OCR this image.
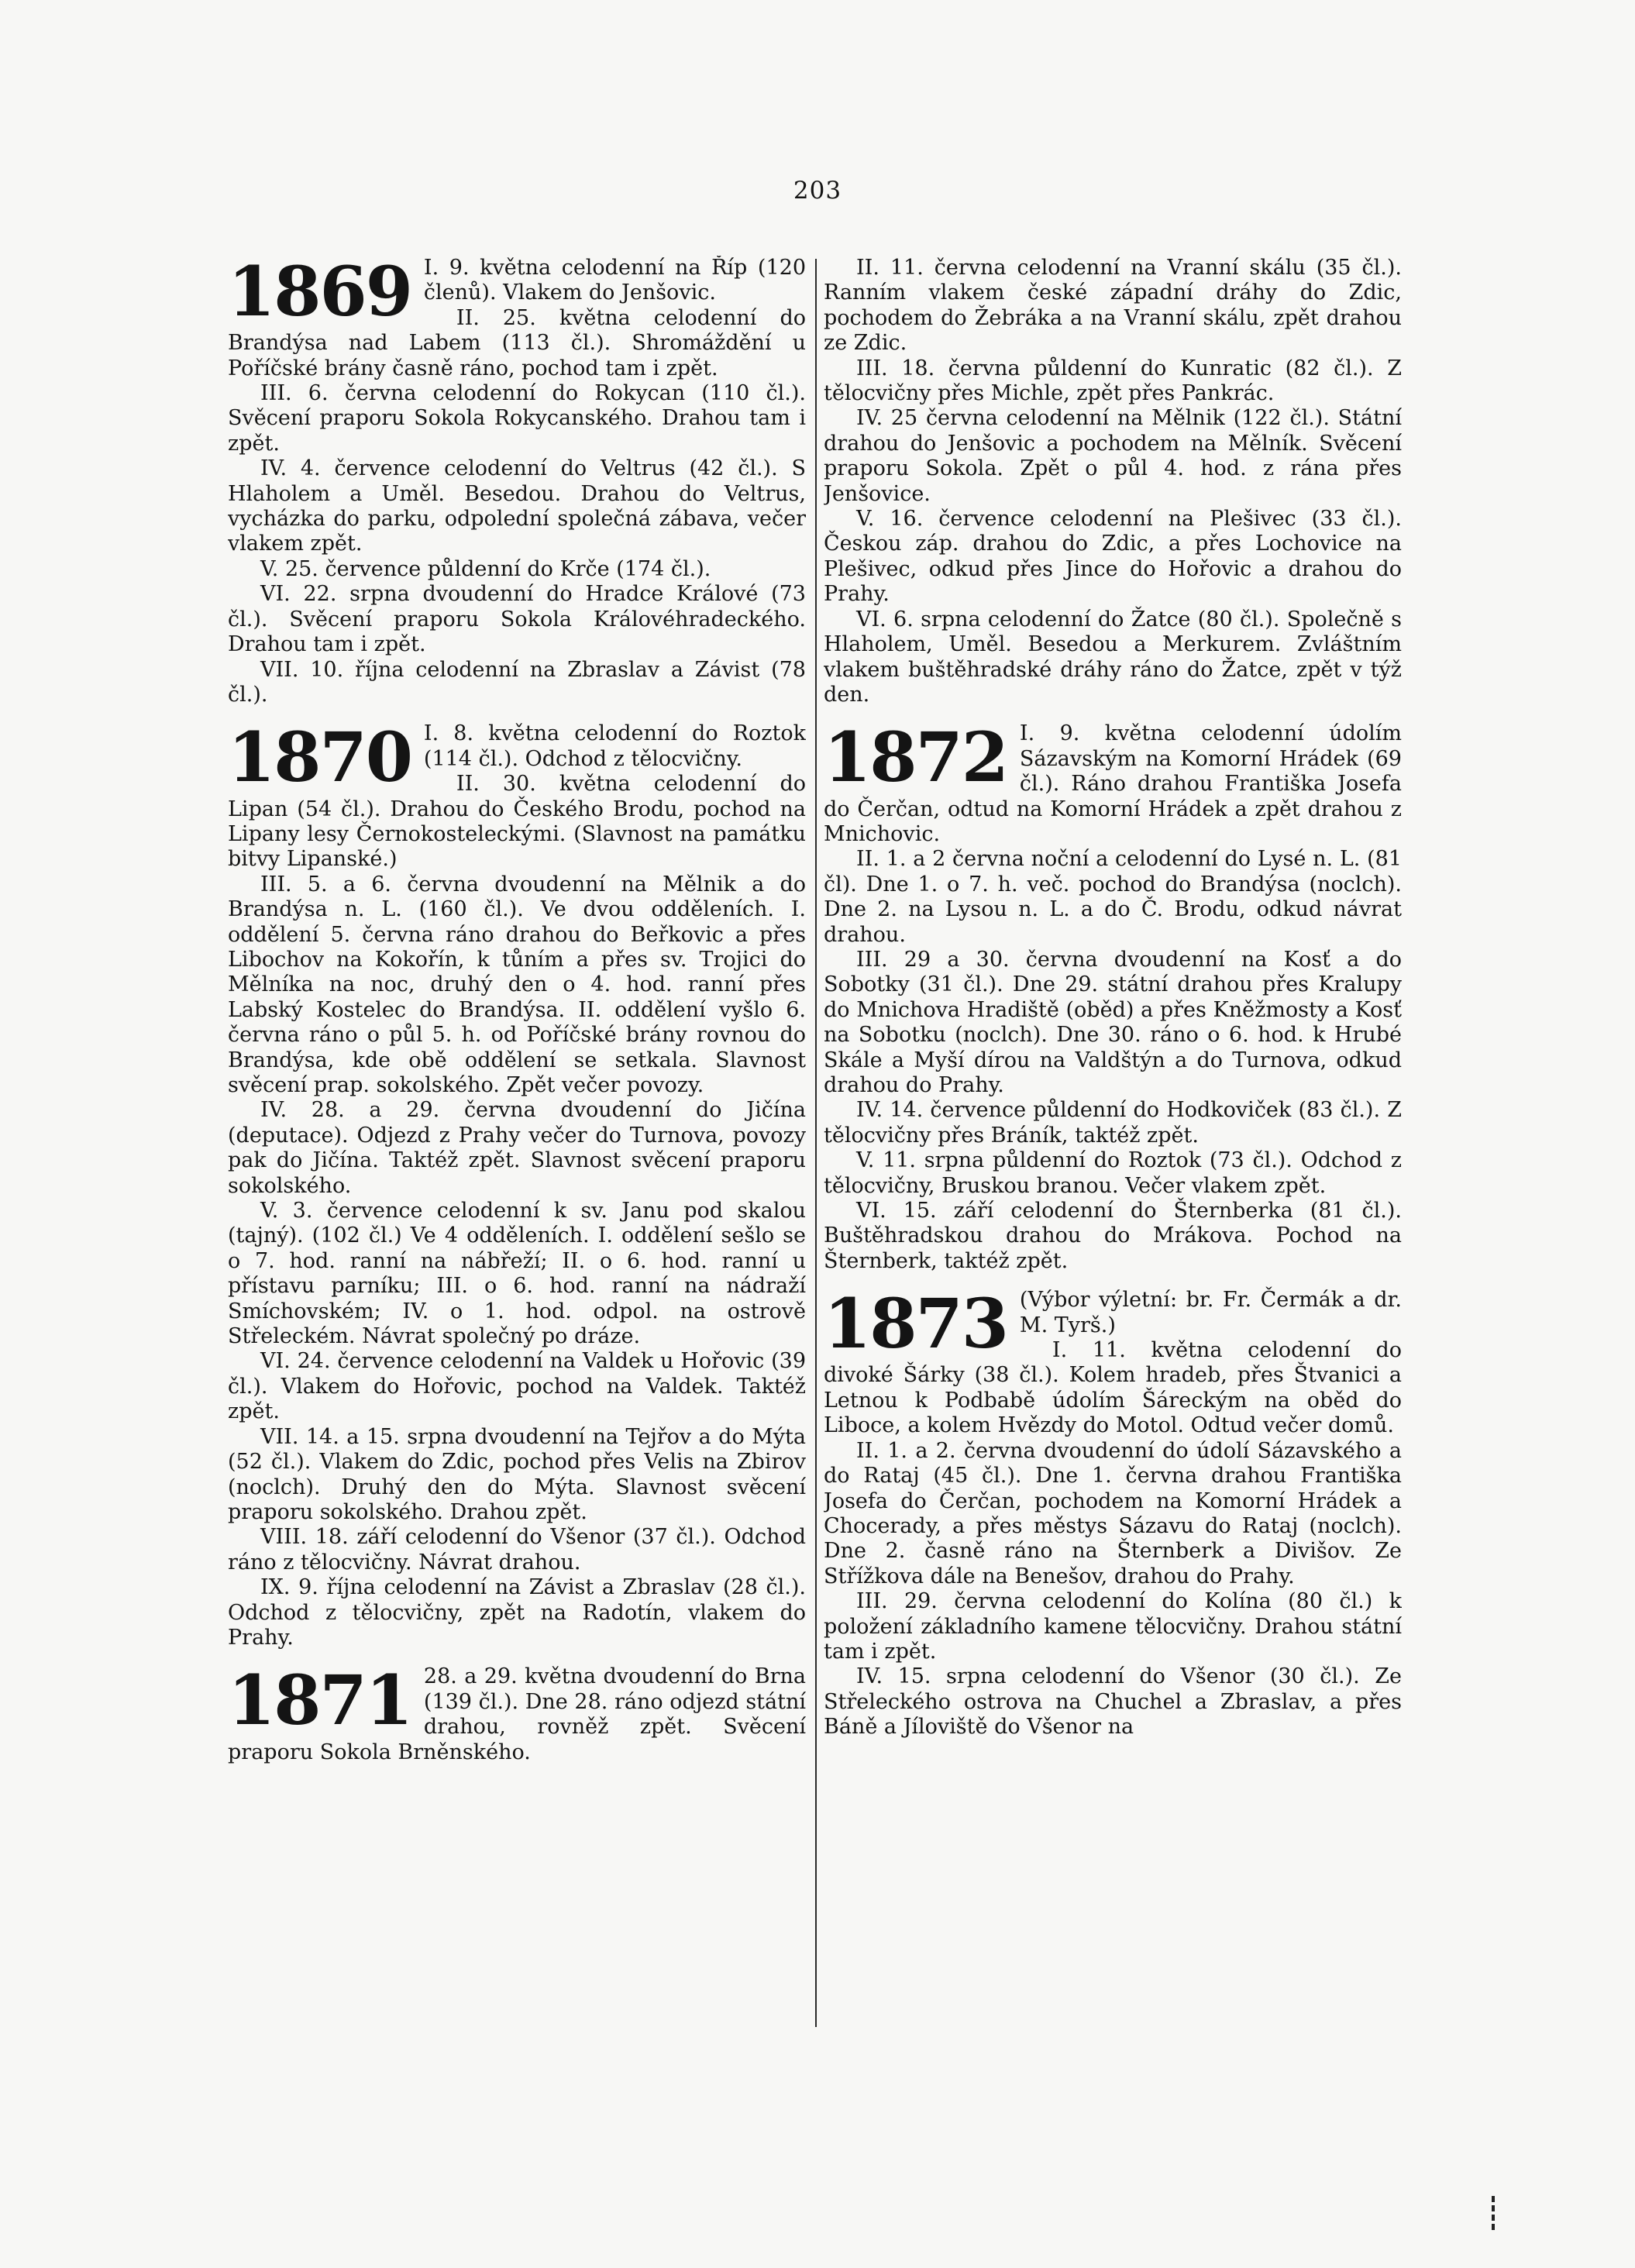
203
1869 I. 9. května celodenní na Říp (120 členů). Vlakem do Jenšovic.

II. 25. května celodenní do Brandýsa nad Labem (113 čl.). Shromáždění u Poříčské brány časně ráno, pochod tam i zpět.

III. 6. června celodenní do Rokycan (110 čl.). Svěcení praporu Sokola Rokycanského. Drahou tam i zpět.

IV. 4. července celodenní do Veltrus (42 čl.). S Hlaholem a Uměl. Besedou. Drahou do Veltrus, vycházka do parku, odpolední společná zábava, večer vlakem zpět.

V. 25. července půldenní do Krče (174 čl.).

VI. 22. srpna dvoudenní do Hradce Králové (73 čl.). Svěcení praporu Sokola Královéhradeckého. Drahou tam i zpět.

VII. 10. října celodenní na Zbraslav a Závist (78 čl.).

1870 I. 8. května celodenní do Roztok (114 čl.). Odchod z tělocvičny.

II. 30. května celodenní do Lipan (54 čl.). Drahou do Českého Brodu, pochod na Lipany lesy Černokosteleckými. (Slavnost na památku bitvy Lipanské.)

III. 5. a 6. června dvoudenní na Mělnik a do Brandýsa n. L. (160 čl.). Ve dvou odděleních. I. oddělení 5. června ráno drahou do Beřkovic a přes Libochov na Kokořín, k tůním a přes sv. Trojici do Mělníka na noc, druhý den o 4. hod. ranní přes Labský Kostelec do Brandýsa. II. oddělení vyšlo 6. června ráno o půl 5. h. od Poříčské brány rovnou do Brandýsa, kde obě oddělení se setkala. Slavnost svěcení prap. sokolského. Zpět večer povozy.

IV. 28. a 29. června dvoudenní do Jičína (deputace). Odjezd z Prahy večer do Turnova, povozy pak do Jičína. Taktéž zpět. Slavnost svěcení praporu sokolského.

V. 3. července celodenní k sv. Janu pod skalou (tajný). (102 čl.) Ve 4 odděleních. I. oddělení sešlo se o 7. hod. ranní na nábřeží; II. o 6. hod. ranní u přístavu parníku; III. o 6. hod. ranní na nádraží Smíchovském; IV. o 1. hod. odpol. na ostrově Střeleckém. Návrat společný po dráze.

VI. 24. července celodenní na Valdek u Hořovic (39 čl.). Vlakem do Hořovic, pochod na Valdek. Taktéž zpět.

VII. 14. a 15. srpna dvoudenní na Tejřov a do Mýta (52 čl.). Vlakem do Zdic, pochod přes Velis na Zbirov (noclch). Druhý den do Mýta. Slavnost svěcení praporu sokolského. Drahou zpět.

VIII. 18. září celodenní do Všenor (37 čl.). Odchod ráno z tělocvičny. Návrat drahou.

IX. 9. října celodenní na Závist a Zbraslav (28 čl.). Odchod z tělocvičny, zpět na Radotín, vlakem do Prahy.

1871 28. a 29. května dvoudenní do Brna (139 čl.). Dne 28. ráno odjezd státní drahou, rovněž zpět. Svěcení praporu Sokola Brněnského.

II. 11. června celodenní na Vranní skálu (35 čl.). Ranním vlakem české západní dráhy do Zdic, pochodem do Žebráka a na Vranní skálu, zpět drahou ze Zdic.

III. 18. června půldenní do Kunratic (82 čl.). Z tělocvičny přes Michle, zpět přes Pankrác.

IV. 25 června celodenní na Mělnik (122 čl.). Státní drahou do Jenšovic a pochodem na Mělník. Svěcení praporu Sokola. Zpět o půl 4. hod. z rána přes Jenšovice.

V. 16. července celodenní na Plešivec (33 čl.). Českou záp. drahou do Zdic, a přes Lochovice na Plešivec, odkud přes Jince do Hořovic a drahou do Prahy.

VI. 6. srpna celodenní do Žatce (80 čl.). Společně s Hlaholem, Uměl. Besedou a Merkurem. Zvláštním vlakem buštěhradské dráhy ráno do Žatce, zpět v týž den.

1872 I. 9. května celodenní údolím Sázavským na Komorní Hrádek (69 čl.). Ráno drahou Františka Josefa do Čerčan, odtud na Komorní Hrádek a zpět drahou z Mnichovic.

II. 1. a 2 června noční a celodenní do Lysé n. L. (81 čl). Dne 1. o 7. h. več. pochod do Brandýsa (noclch). Dne 2. na Lysou n. L. a do Č. Brodu, odkud návrat drahou.

III. 29 a 30. června dvoudenní na Kosť a do Sobotky (31 čl.). Dne 29. státní drahou přes Kralupy do Mnichova Hradiště (oběd) a přes Kněžmosty a Kosť na Sobotku (noclch). Dne 30. ráno o 6. hod. k Hrubé Skále a Myší dírou na Valdštýn a do Turnova, odkud drahou do Prahy.

IV. 14. července půldenní do Hodkoviček (83 čl.). Z tělocvičny přes Bráník, taktéž zpět.

V. 11. srpna půldenní do Roztok (73 čl.). Odchod z tělocvičny, Bruskou branou. Večer vlakem zpět.

VI. 15. září celodenní do Šternberka (81 čl.). Buštěhradskou drahou do Mrákova. Pochod na Šternberk, taktéž zpět.

1873 (Výbor výletní: br. Fr. Čermák a dr. M. Tyrš.)

I. 11. května celodenní do divoké Šárky (38 čl.). Kolem hradeb, přes Štvanici a Letnou k Podbabě údolím Šáreckým na oběd do Liboce, a kolem Hvězdy do Motol. Odtud večer domů.

II. 1. a 2. června dvoudenní do údolí Sázavského a do Rataj (45 čl.). Dne 1. června drahou Františka Josefa do Čerčan, pochodem na Komorní Hrádek a Chocerady, a přes městys Sázavu do Rataj (noclch). Dne 2. časně ráno na Šternberk a Divišov. Ze Střížkova dále na Benešov, drahou do Prahy.

III. 29. června celodenní do Kolína (80 čl.) k položení základního kamene tělocvičny. Drahou státní tam i zpět.

IV. 15. srpna celodenní do Všenor (30 čl.). Ze Střeleckého ostrova na Chuchel a Zbraslav, a přes Báně a Jíloviště do Všenor na
